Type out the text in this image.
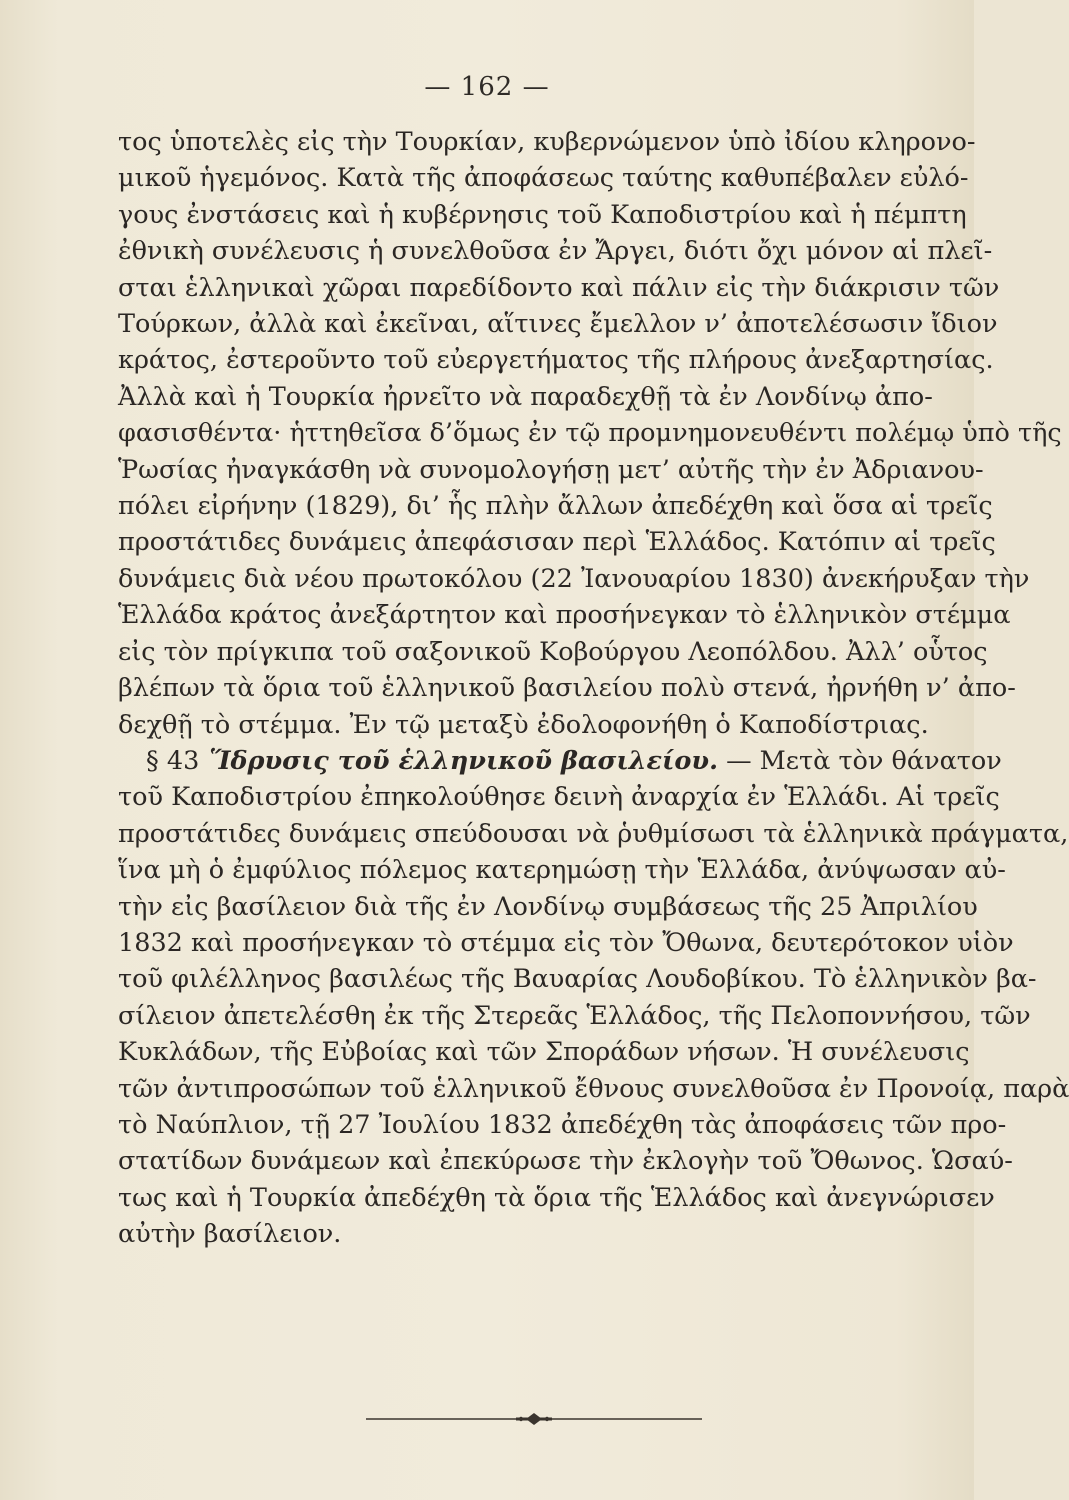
— 162 —
τος ὑποτελὲς εἰς τὴν Τουρκίαν, κυβερνώμενον ὑπὸ ἰδίου κληρονο-
μικοῦ ἡγεμόνος. Κατὰ τῆς ἀποφάσεως ταύτης καθυπέβαλεν εὐλό-
γους ἐνστάσεις καὶ ἡ κυβέρνησις τοῦ Καποδιστρίου καὶ ἡ πέμπτη
ἐθνικὴ συνέλευσις ἡ συνελθοῦσα ἐν Ἄργει, διότι ὄχι μόνον αἱ πλεῖ-
σται ἑλληνικαὶ χῶραι παρεδίδοντο καὶ πάλιν εἰς τὴν διάκρισιν τῶν
Τούρκων, ἀλλὰ καὶ ἐκεῖναι, αἵτινες ἔμελλον ν’ ἀποτελέσωσιν ἴδιον
κράτος, ἐστεροῦντο τοῦ εὐεργετήματος τῆς πλήρους ἀνεξαρτησίας.
Ἀλλὰ καὶ ἡ Τουρκία ἠρνεῖτο νὰ παραδεχθῇ τὰ ἐν Λονδίνῳ ἀπο-
φασισθέντα· ἡττηθεῖσα δ’ὅμως ἐν τῷ προμνημονευθέντι πολέμῳ ὑπὸ τῆς
Ῥωσίας ἠναγκάσθη νὰ συνομολογήσῃ μετ’ αὐτῆς τὴν ἐν Ἀδριανου-
πόλει εἰρήνην (1829), δι’ ἧς πλὴν ἄλλων ἀπεδέχθη καὶ ὅσα αἱ τρεῖς
προστάτιδες δυνάμεις ἀπεφάσισαν περὶ Ἑλλάδος. Κατόπιν αἱ τρεῖς
δυνάμεις διὰ νέου πρωτοκόλου (22 Ἰανουαρίου 1830) ἀνεκήρυξαν τὴν
Ἑλλάδα κράτος ἀνεξάρτητον καὶ προσήνεγκαν τὸ ἑλληνικὸν στέμμα
εἰς τὸν πρίγκιπα τοῦ σαξονικοῦ Κοβούργου Λεοπόλδου. Ἀλλ’ οὗτος
βλέπων τὰ ὅρια τοῦ ἑλληνικοῦ βασιλείου πολὺ στενά, ἠρνήθη ν’ ἀπο-
δεχθῇ τὸ στέμμα. Ἐν τῷ μεταξὺ ἐδολοφονήθη ὁ Καποδίστριας.
§ 43 Ἵδρυσις τοῦ ἑλληνικοῦ βασιλείου. — Μετὰ τὸν θάνατον
τοῦ Καποδιστρίου ἐπηκολούθησε δεινὴ ἀναρχία ἐν Ἑλλάδι. Αἱ τρεῖς
προστάτιδες δυνάμεις σπεύδουσαι νὰ ῥυθμίσωσι τὰ ἑλληνικὰ πράγματα,
ἵνα μὴ ὁ ἐμφύλιος πόλεμος κατερημώσῃ τὴν Ἑλλάδα, ἀνύψωσαν αὐ-
τὴν εἰς βασίλειον διὰ τῆς ἐν Λονδίνῳ συμβάσεως τῆς 25 Ἀπριλίου
1832 καὶ προσήνεγκαν τὸ στέμμα εἰς τὸν Ὄθωνα, δευτερότοκον υἱὸν
τοῦ φιλέλληνος βασιλέως τῆς Βαυαρίας Λουδοβίκου. Τὸ ἑλληνικὸν βα-
σίλειον ἀπετελέσθη ἐκ τῆς Στερεᾶς Ἑλλάδος, τῆς Πελοποννήσου, τῶν
Κυκλάδων, τῆς Εὐβοίας καὶ τῶν Σποράδων νήσων. Ἡ συνέλευσις
τῶν ἀντιπροσώπων τοῦ ἑλληνικοῦ ἔθνους συνελθοῦσα ἐν Προνοίᾳ, παρὰ
τὸ Ναύπλιον, τῇ 27 Ἰουλίου 1832 ἀπεδέχθη τὰς ἀποφάσεις τῶν προ-
στατίδων δυνάμεων καὶ ἐπεκύρωσε τὴν ἐκλογὴν τοῦ Ὄθωνος. Ὡσαύ-
τως καὶ ἡ Τουρκία ἀπεδέχθη τὰ ὅρια τῆς Ἑλλάδος καὶ ἀνεγνώρισεν
αὐτὴν βασίλειον.
